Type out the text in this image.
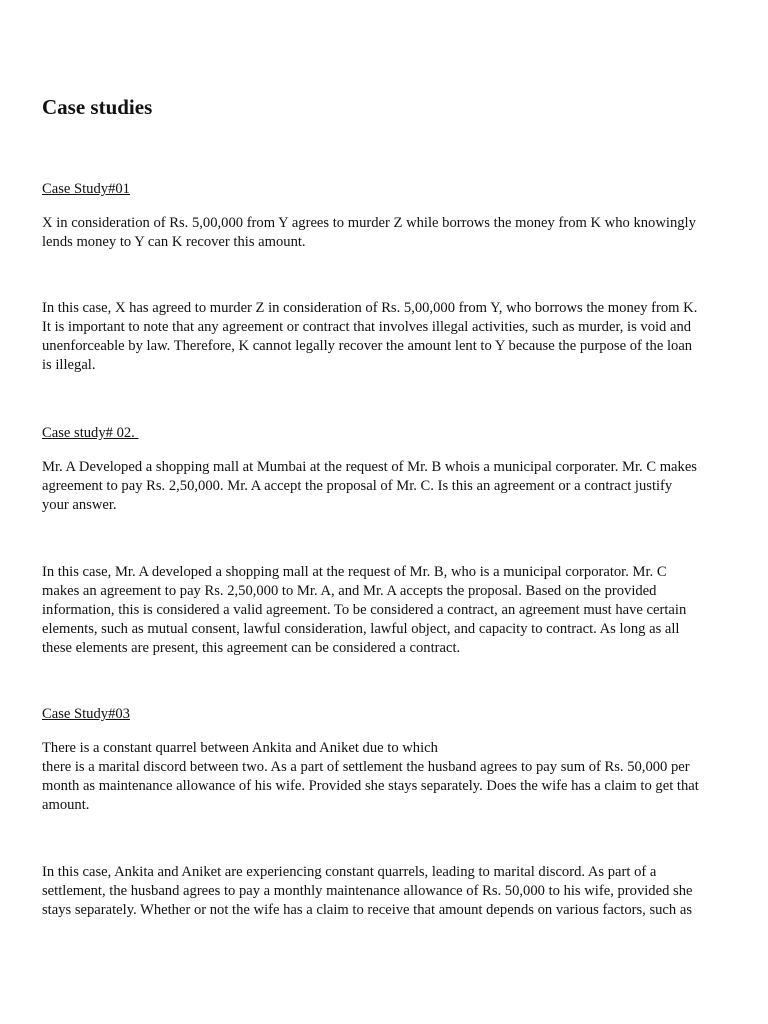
Case studies

Case Study#01

X in consideration of Rs. 5,00,000 from Y agrees to murder Z while borrows the money from K who knowingly
lends money to Y can K recover this amount.
In this case, X has agreed to murder Z in consideration of Rs. 5,00,000 from Y, who borrows the money from K.
It is important to note that any agreement or contract that involves illegal activities, such as murder, is void and
unenforceable by law. Therefore, K cannot legally recover the amount lent to Y because the purpose of the loan
is illegal.

Case study# 02.

Mr. A Developed a shopping mall at Mumbai at the request of Mr. B whois a municipal corporater. Mr. C makes
agreement to pay Rs. 2,50,000. Mr. A accept the proposal of Mr. C. Is this an agreement or a contract justify
your answer.
In this case, Mr. A developed a shopping mall at the request of Mr. B, who is a municipal corporator. Mr. C
makes an agreement to pay Rs. 2,50,000 to Mr. A, and Mr. A accepts the proposal. Based on the provided
information, this is considered a valid agreement. To be considered a contract, an agreement must have certain
elements, such as mutual consent, lawful consideration, lawful object, and capacity to contract. As long as all
these elements are present, this agreement can be considered a contract.

Case Study#03

There is a constant quarrel between Ankita and Aniket due to which
there is a marital discord between two. As a part of settlement the husband agrees to pay sum of Rs. 50,000 per
month as maintenance allowance of his wife. Provided she stays separately. Does the wife has a claim to get that
amount.
In this case, Ankita and Aniket are experiencing constant quarrels, leading to marital discord. As part of a
settlement, the husband agrees to pay a monthly maintenance allowance of Rs. 50,000 to his wife, provided she
stays separately. Whether or not the wife has a claim to receive that amount depends on various factors, such as
